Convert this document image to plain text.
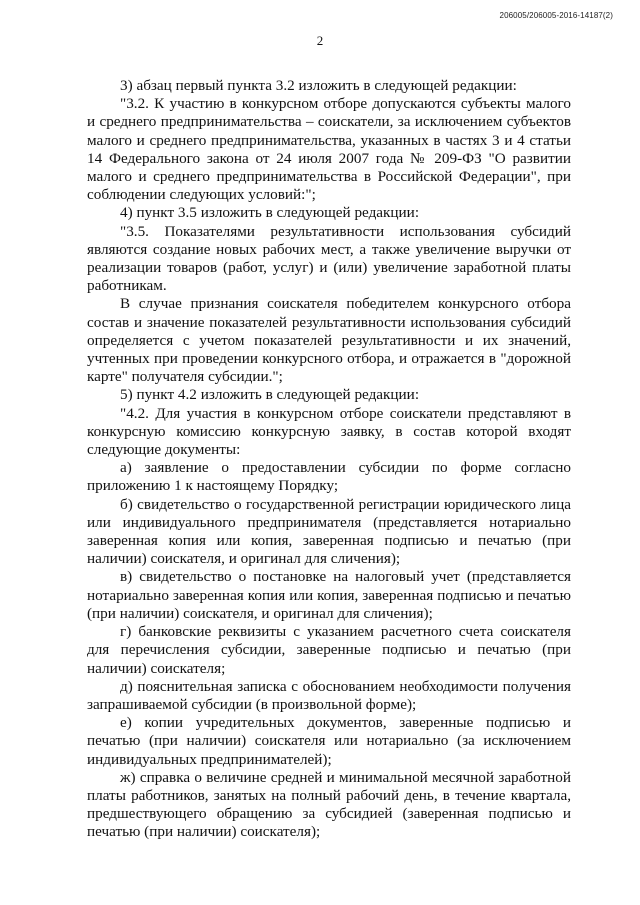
206005/206005-2016-14187(2)
2

3) абзац первый пункта 3.2 изложить в следующей редакции:

"3.2. К участию в конкурсном отборе допускаются субъекты малого и среднего предпринимательства – соискатели, за исключением субъектов малого и среднего предпринимательства, указанных в частях 3 и 4 статьи 14 Федерального закона от 24 июля 2007 года № 209-ФЗ "О развитии малого и среднего предпринимательства в Российской Федерации", при соблюдении следующих условий:";

4) пункт 3.5 изложить в следующей редакции:

"3.5. Показателями результативности использования субсидий являются создание новых рабочих мест, а также увеличение выручки от реализации товаров (работ, услуг) и (или) увеличение заработной платы работникам.

В случае признания соискателя победителем конкурсного отбора состав и значение показателей результативности использования субсидий определяется с учетом показателей результативности и их значений, учтенных при проведении конкурсного отбора, и отражается в "дорожной карте" получателя субсидии.";

5) пункт 4.2 изложить в следующей редакции:

"4.2. Для участия в конкурсном отборе соискатели представляют в конкурсную комиссию конкурсную заявку, в состав которой входят следующие документы:

а) заявление о предоставлении субсидии по форме согласно приложению 1 к настоящему Порядку;

б) свидетельство о государственной регистрации юридического лица или индивидуального предпринимателя (представляется нотариально заверенная копия или копия, заверенная подписью и печатью (при наличии) соискателя, и оригинал для сличения);

в) свидетельство о постановке на налоговый учет (представляется нотариально заверенная копия или копия, заверенная подписью и печатью (при наличии) соискателя, и оригинал для сличения);

г) банковские реквизиты с указанием расчетного счета соискателя для перечисления субсидии, заверенные подписью и печатью (при наличии) соискателя;

д) пояснительная записка с обоснованием необходимости получения запрашиваемой субсидии (в произвольной форме);

е) копии учредительных документов, заверенные подписью и печатью (при наличии) соискателя или нотариально (за исключением индивидуальных предпринимателей);

ж) справка о величине средней и минимальной месячной заработной платы работников, занятых на полный рабочий день, в течение квартала, предшествующего обращению за субсидией (заверенная подписью и печатью (при наличии) соискателя);
